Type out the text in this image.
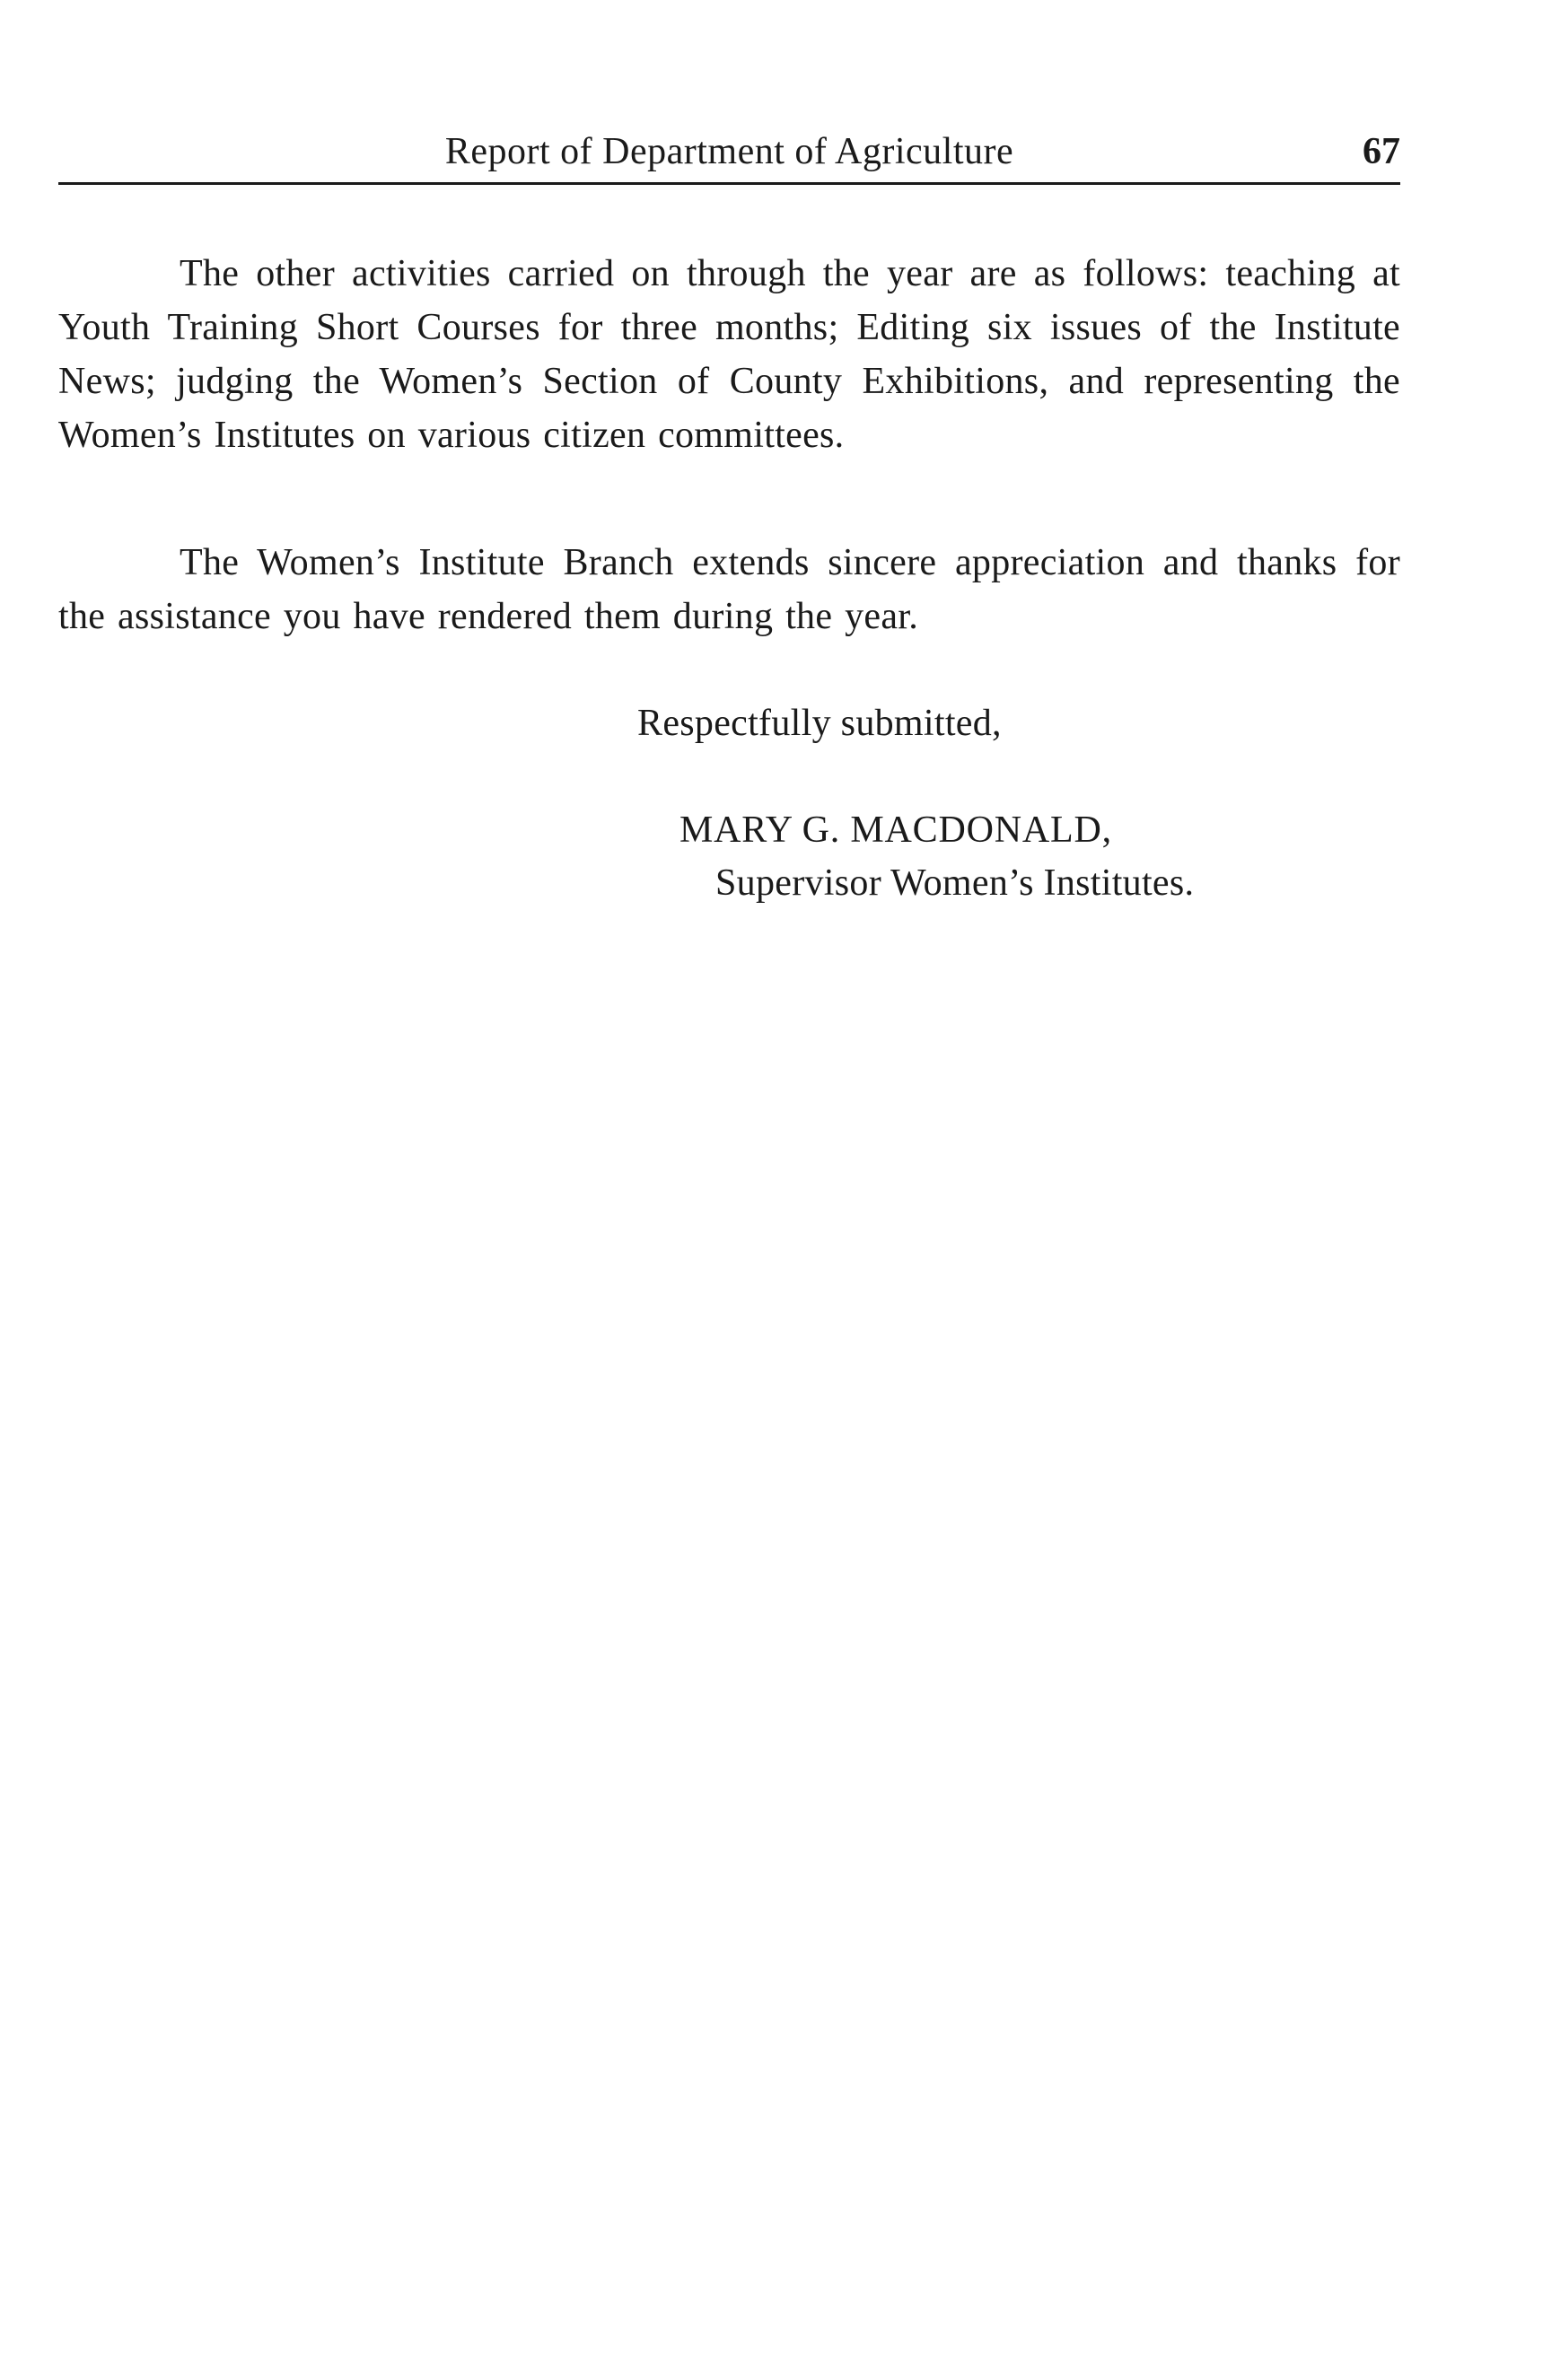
Report of Department of Agriculture	67

The other activities carried on through the year are as follows: teaching at Youth Training Short Courses for three months; Editing six issues of the Institute News; judging the Women’s Section of County Exhibitions, and representing the Women’s Institutes on various citizen committees.

The Women’s Institute Branch extends sincere appreciation and thanks for the assistance you have rendered them during the year.

Respectfully submitted,
MARY G. MACDONALD,
Supervisor Women’s Institutes.
